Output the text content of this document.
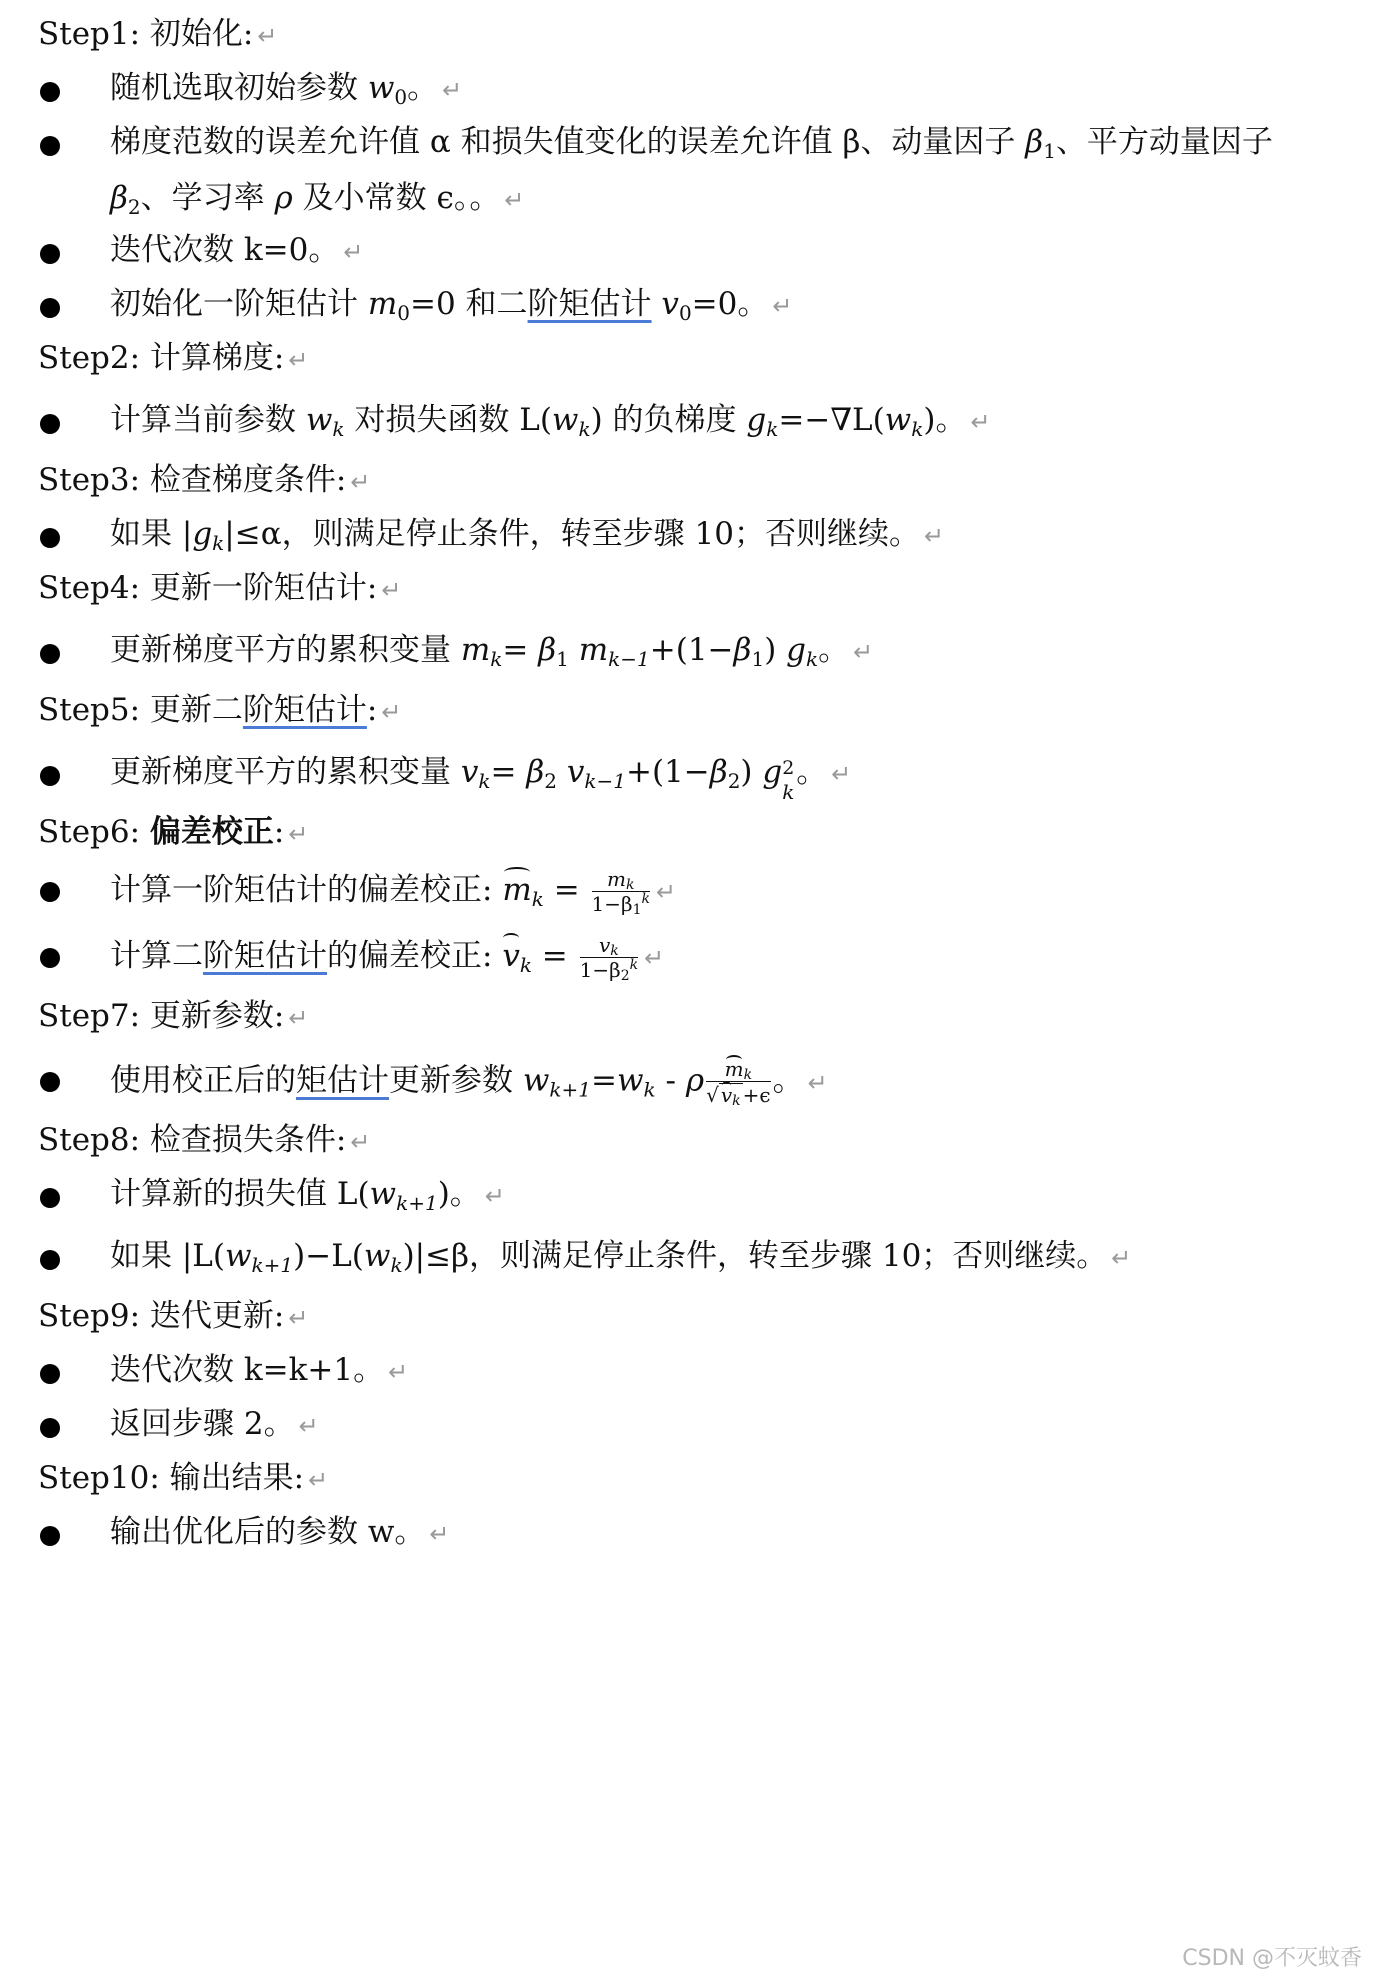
Step1: 初始化: ↵
随机选取初始参数 $w_0$。 ↵
梯度范数的误差允许值 α 和损失值变化的误差允许值 β、动量因子 $\beta_1$、平方动量因子
$\beta_2$、学习率 ρ 及小常数 ϵ。。 ↵
迭代次数 k=0。 ↵
初始化一阶矩估计 $m_0=0$ 和二阶矩估计 $v_0=0$。 ↵
Step2: 计算梯度: ↵
计算当前参数 $w_k$ 对损失函数 $L(w_k)$ 的负梯度 $g_k=-\nabla L(w_k)$。 ↵
Step3: 检查梯度条件: ↵
如果 $|g_k|\le\alpha$，则满足停止条件，转至步骤 10；否则继续。 ↵
Step4: 更新一阶矩估计: ↵
更新梯度平方的累积变量 $m_k= \beta_1$ $m_{k-1}+(1-\beta_1)$ $g_k$。 ↵
Step5: 更新二阶矩估计: ↵
更新梯度平方的累积变量 $v_k= \beta_2$ $v_{k-1}+(1-\beta_2)$ g 2
k
。 ↵
Step6: 偏差校正: ↵
计算一阶矩估计的偏差校正: $m_k = \frac{m_k}{1-\beta_1^k}$ ↵
计算二阶矩估计的偏差校正: $v_k = \frac{v_k}{1-\beta_2^k}$ ↵
Step7: 更新参数: ↵
使用校正后的矩估计更新参数 $w_{k+1}=w_k - \rho \frac{m_k}{√ v_k +\epsilon}$ 。 ↵
Step8: 检查损失条件: ↵
计算新的损失值 $L(w_{k+1})$。 ↵
如果 $|L(w_{k+1})-L(w_k)|\le\beta$，则满足停止条件，转至步骤 10；否则继续。 ↵
Step9: 迭代更新: ↵
迭代次数 k=k+1。 ↵
返回步骤 2。 ↵
Step10: 输出结果: ↵
输出优化后的参数 w。 ↵
CSDN @不灭蚊香
